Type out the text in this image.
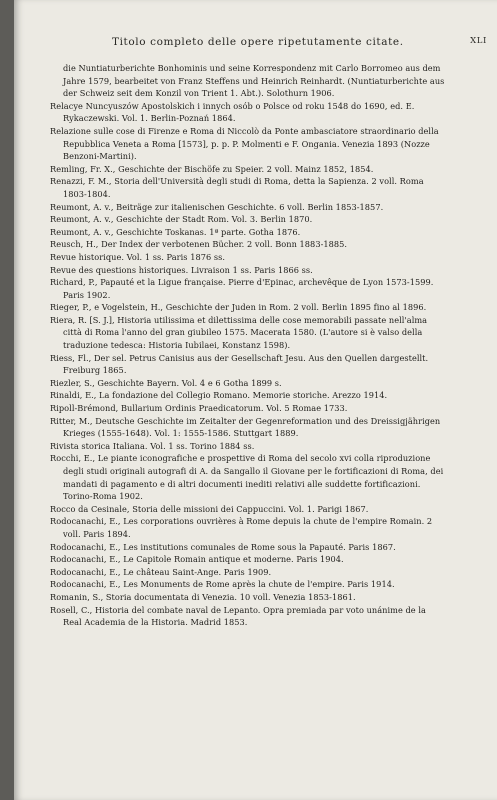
Titolo completo delle opere ripetutamente citate.	XLI
die Nuntiaturberichte Bonhominis und seine Korrespondenz mit Carlo Borromeo aus dem Jahre 1579, bearbeitet von Franz Steffens und Heinrich Reinhardt. (Nuntiaturberichte aus der Schweiz seit dem Konzil von Trient 1. Abt.). Solothurn 1906.
Relacye Nuncyuszów Apostolskich i innych osób o Polsce od roku 1548 do 1690, ed. E. Rykaczewski. Vol. 1. Berlin-Poznań 1864.
Relazione sulle cose di Firenze e Roma di Niccolò da Ponte ambasciatore straordinario della Repubblica Veneta a Roma [1573], p. p. P. Molmenti e F. Ongania. Venezia 1893 (Nozze Benzoni-Martini).
Remling, Fr. X., Geschichte der Bischöfe zu Speier. 2 voll. Mainz 1852, 1854.
Renazzi, F. M., Storia dell'Università degli studi di Roma, detta la Sapienza. 2 voll. Roma 1803-1804.
Reumont, A. v., Beiträge zur italienischen Geschichte. 6 voll. Berlin 1853-1857.
Reumont, A. v., Geschichte der Stadt Rom. Vol. 3. Berlin 1870.
Reumont, A. v., Geschichte Toskanas. 1ª parte. Gotha 1876.
Reusch, H., Der Index der verbotenen Bücher. 2 voll. Bonn 1883-1885.
Revue historique. Vol. 1 ss. Paris 1876 ss.
Revue des questions historiques. Livraison 1 ss. Paris 1866 ss.
Richard, P., Papauté et la Ligue française. Pierre d'Epinac, archevêque de Lyon 1573-1599. Paris 1902.
Rieger, P., e Vogelstein, H., Geschichte der Juden in Rom. 2 voll. Berlin 1895 fino al 1896.
Riera, R. [S. J.], Historia utilissima et dilettissima delle cose memorabili passate nell'alma città di Roma l'anno del gran giubileo 1575. Macerata 1580. (L'autore si è valso della traduzione tedesca: Historia Iubilaei, Konstanz 1598).
Riess, Fl., Der sel. Petrus Canisius aus der Gesellschaft Jesu. Aus den Quellen dargestellt. Freiburg 1865.
Riezler, S., Geschichte Bayern. Vol. 4 e 6 Gotha 1899 s.
Rinaldi, E., La fondazione del Collegio Romano. Memorie storiche. Arezzo 1914.
Ripoll-Brémond, Bullarium Ordinis Praedicatorum. Vol. 5 Romae 1733.
Ritter, M., Deutsche Geschichte im Zeitalter der Gegenreformation und des Dreissigjährigen Krieges (1555-1648). Vol. 1: 1555-1586. Stuttgart 1889.
Rivista storica Italiana. Vol. 1 ss. Torino 1884 ss.
Rocchi, E., Le piante iconografiche e prospettive di Roma del secolo xvi colla riproduzione degli studi originali autografi di A. da Sangallo il Giovane per le fortificazioni di Roma, dei mandati di pagamento e di altri documenti inediti relativi alle suddette fortificazioni. Torino-Roma 1902.
Rocco da Cesinale, Storia delle missioni dei Cappuccini. Vol. 1. Parigi 1867.
Rodocanachi, E., Les corporations ouvrières à Rome depuis la chute de l'empire Romain. 2 voll. Paris 1894.
Rodocanachi, E., Les institutions comunales de Rome sous la Papauté. Paris 1867.
Rodocanachi, E., Le Capitole Romain antique et moderne. Paris 1904.
Rodocanachi, E., Le château Saint-Ange. Paris 1909.
Rodocanachi, E., Les Monuments de Rome après la chute de l'empire. Paris 1914.
Romanin, S., Storia documentata di Venezia. 10 voll. Venezia 1853-1861.
Rosell, C., Historia del combate naval de Lepanto. Opra premiada par voto unánime de la Real Academia de la Historia. Madrid 1853.
